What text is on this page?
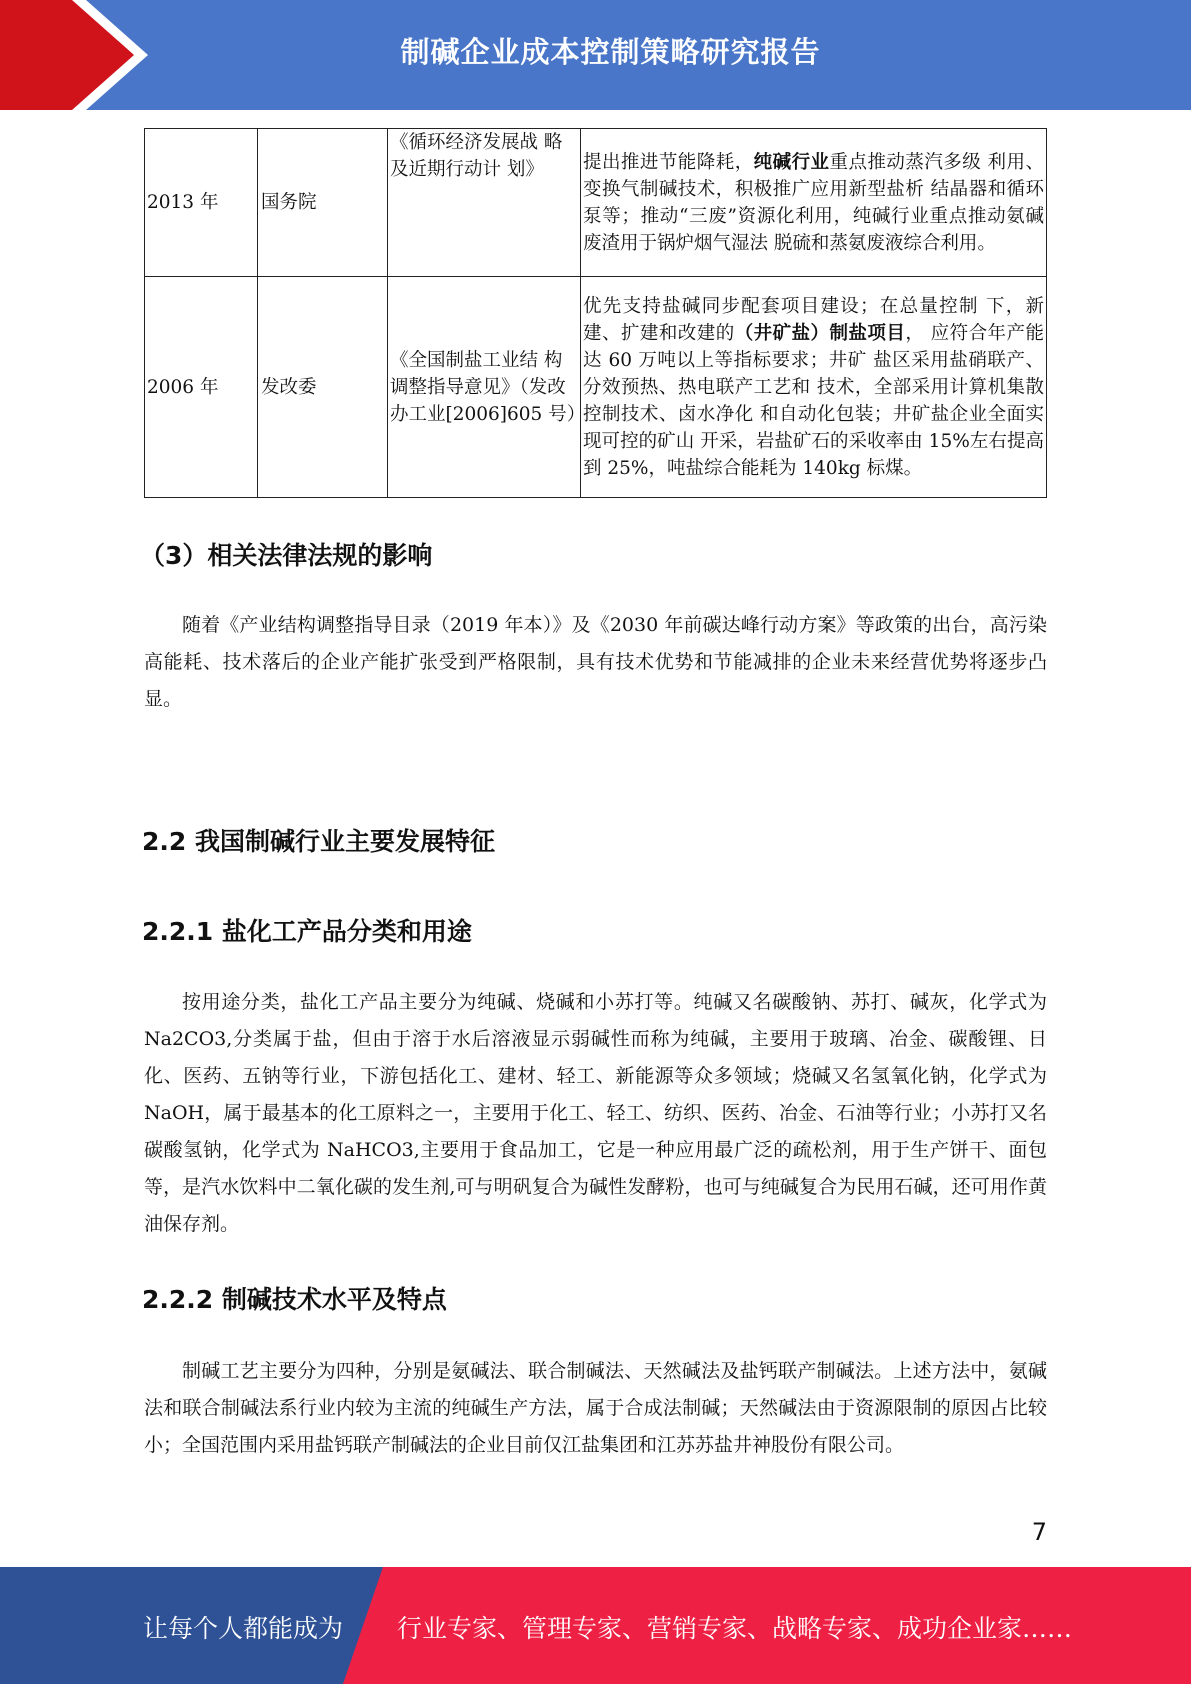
制碱企业成本控制策略研究报告
2013 年	国务院	《循环经济发展战 略及近期行动计 划》	提出推进节能降耗，纯碱行业重点推动蒸汽多级 利用、变换气制碱技术，积极推广应用新型盐析 结晶器和循环泵等；推动“三废”资源化利用，纯碱行业重点推动氨碱废渣用于锅炉烟气湿法 脱硫和蒸氨废液综合利用。
2006 年	发改委	《全国制盐工业结 构调整指导意见》（发改办工业[2006]605 号）	优先支持盐碱同步配套项目建设；在总量控制 下，新建、扩建和改建的（井矿盐）制盐项目， 应符合年产能达 60 万吨以上等指标要求；井矿 盐区采用盐硝联产、分效预热、热电联产工艺和 技术，全部采用计算机集散控制技术、卤水净化 和自动化包装；井矿盐企业全面实现可控的矿山 开采，岩盐矿石的采收率由 15%左右提高到 25%，吨盐综合能耗为 140kg 标煤。
（3）相关法律法规的影响

随着《产业结构调整指导目录（2019 年本）》及《2030 年前碳达峰行动方案》等政策的出台，高污染高能耗、技术落后的企业产能扩张受到严格限制，具有技术优势和节能减排的企业未来经营优势将逐步凸显。

2.2 我国制碱行业主要发展特征
2.2.1 盐化工产品分类和用途

按用途分类，盐化工产品主要分为纯碱、烧碱和小苏打等。纯碱又名碳酸钠、苏打、碱灰，化学式为 Na2CO3,分类属于盐，但由于溶于水后溶液显示弱碱性而称为纯碱，主要用于玻璃、冶金、碳酸锂、日化、医药、五钠等行业，下游包括化工、建材、轻工、新能源等众多领域；烧碱又名氢氧化钠，化学式为 NaOH，属于最基本的化工原料之一，主要用于化工、轻工、纺织、医药、冶金、石油等行业；小苏打又名碳酸氢钠，化学式为 NaHCO3,主要用于食品加工，它是一种应用最广泛的疏松剂，用于生产饼干、面包等，是汽水饮料中二氧化碳的发生剂,可与明矾复合为碱性发酵粉，也可与纯碱复合为民用石碱，还可用作黄油保存剂。

2.2.2 制碱技术水平及特点

制碱工艺主要分为四种，分别是氨碱法、联合制碱法、天然碱法及盐钙联产制碱法。上述方法中，氨碱法和联合制碱法系行业内较为主流的纯碱生产方法，属于合成法制碱；天然碱法由于资源限制的原因占比较小；全国范围内采用盐钙联产制碱法的企业目前仅江盐集团和江苏苏盐井神股份有限公司。

7
让每个人都能成为 行业专家、管理专家、营销专家、战略专家、成功企业家……
